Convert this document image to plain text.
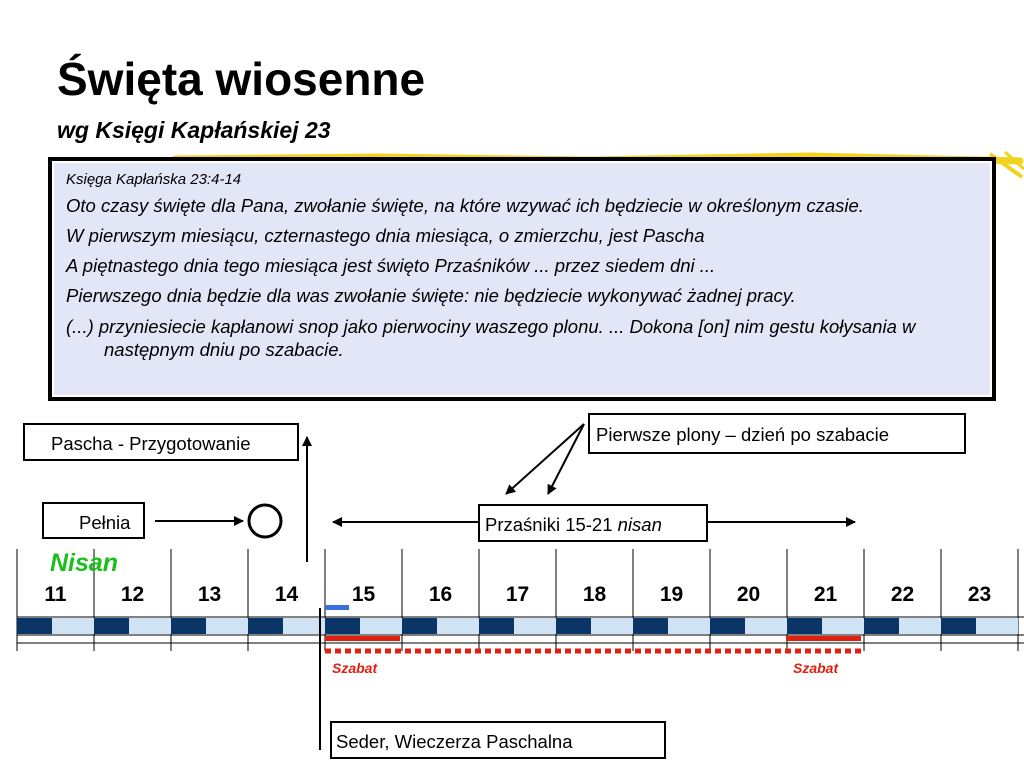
Święta wiosenne
wg Księgi Kapłańskiej 23

Księga Kapłańska 23:4-14

Oto czasy święte dla Pana, zwołanie święte, na które wzywać ich będziecie w określonym czasie.

W pierwszym miesiącu, czternastego dnia miesiąca, o zmierzchu, jest Pascha

A piętnastego dnia tego miesiąca jest święto Przaśników ... przez siedem dni ...

Pierwszego dnia będzie dla was zwołanie święte: nie będziecie wykonywać żadnej pracy.

(...) przyniesiecie kapłanowi snop jako pierwociny waszego plonu. ... Dokona [on] nim gestu kołysania w następnym dniu po szabacie.

Pascha - Przygotowanie	Pierwsze plony – dzień po szabacie
Pełnia	Przaśniki 15-21 nisan
Seder, Wieczerza Paschalna
Nisan
11	12	13	14	15	16	17	18	19	20	21	22	23
Szabat	Szabat
